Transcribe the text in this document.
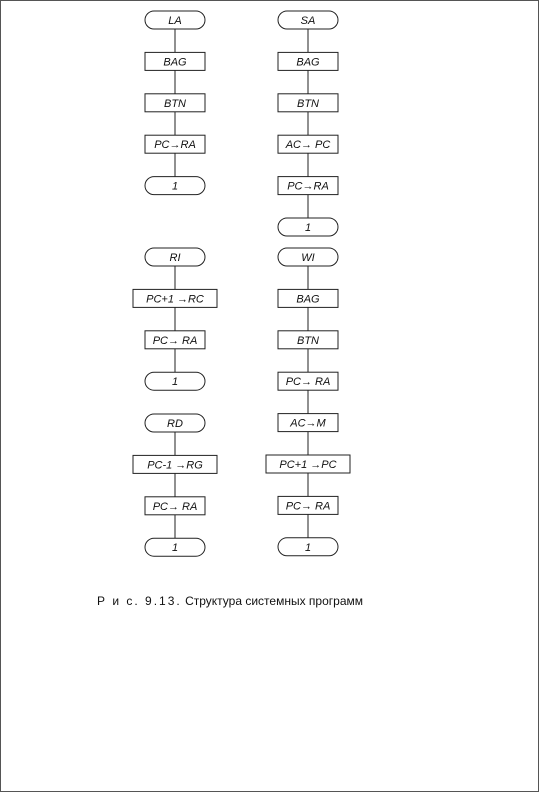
LA
BAG
BTN
PC→RA
1
SA
BAG
BTN
AC→ PC
PC→RA
1
RI
PC+1 →RC
PC→ RA
1
WI
BAG
BTN
PC→ RA
AC→M
PC+1 →PC
PC→ RA
1
RD
PC-1 →RG
PC→ RA
1
Р и с. 9.13. Структура системных программ
